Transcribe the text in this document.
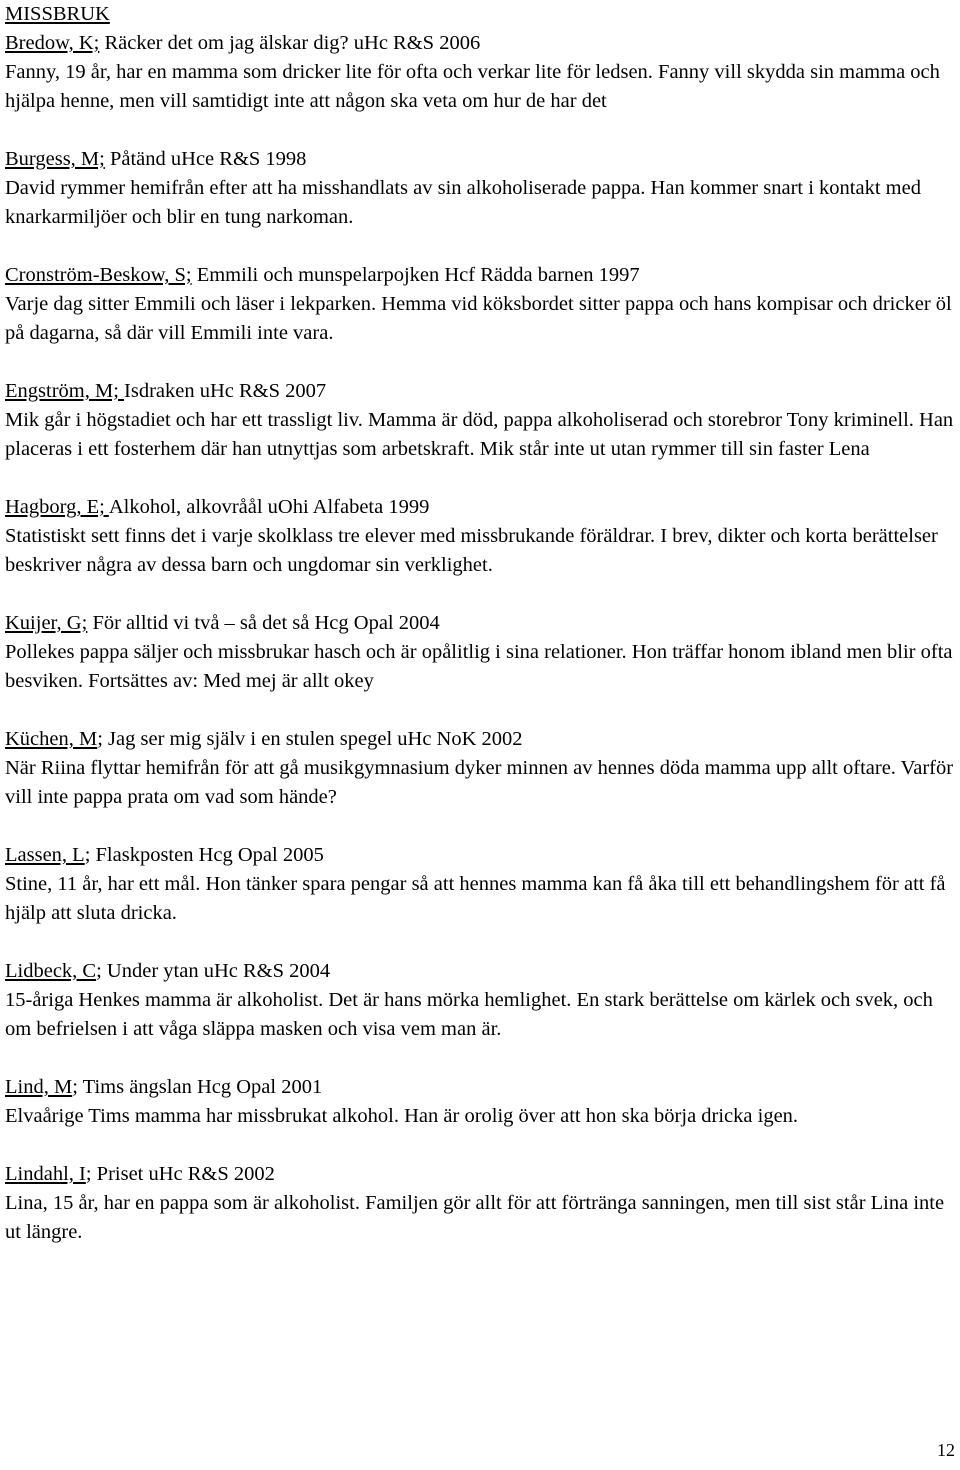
MISSBRUK
Bredow, K; Räcker det om jag älskar dig? uHc R&S 2006
Fanny, 19 år, har en mamma som dricker lite för ofta och verkar lite för ledsen. Fanny vill skydda sin mamma och hjälpa henne, men vill samtidigt inte att någon ska veta om hur de har det
Burgess, M; Påtänd uHce R&S 1998
David rymmer hemifrån efter att ha misshandlats av sin alkoholiserade pappa. Han kommer snart i kontakt med knarkarmiljöer och blir en tung narkoman.
Cronström-Beskow, S; Emmili och munspelarpojken Hcf Rädda barnen 1997
Varje dag sitter Emmili och läser i lekparken. Hemma vid köksbordet sitter pappa och hans kompisar och dricker öl på dagarna, så där vill Emmili inte vara.
Engström, M; Isdraken uHc R&S 2007
Mik går i högstadiet och har ett trassligt liv. Mamma är död, pappa alkoholiserad och storebror Tony kriminell. Han placeras i ett fosterhem där han utnyttjas som arbetskraft. Mik står inte ut utan rymmer till sin faster Lena
Hagborg, E; Alkohol, alkovråål uOhi Alfabeta 1999
Statistiskt sett finns det i varje skolklass tre elever med missbrukande föräldrar. I brev, dikter och korta berättelser beskriver några av dessa barn och ungdomar sin verklighet.
Kuijer, G; För alltid vi två – så det så Hcg Opal 2004
Pollekes pappa säljer och missbrukar hasch och är opålitlig i sina relationer. Hon träffar honom ibland men blir ofta besviken. Fortsättes av: Med mej är allt okey
Küchen, M; Jag ser mig själv i en stulen spegel uHc NoK 2002
När Riina flyttar hemifrån för att gå musikgymnasium dyker minnen av hennes döda mamma upp allt oftare. Varför vill inte pappa prata om vad som hände?
Lassen, L; Flaskposten Hcg Opal 2005
Stine, 11 år, har ett mål. Hon tänker spara pengar så att hennes mamma kan få åka till ett behandlingshem för att få hjälp att sluta dricka.
Lidbeck, C; Under ytan uHc R&S 2004
15-åriga Henkes mamma är alkoholist. Det är hans mörka hemlighet. En stark berättelse om kärlek och svek, och om befrielsen i att våga släppa masken och visa vem man är.
Lind, M; Tims ängslan Hcg Opal 2001
Elvaårige Tims mamma har missbrukat alkohol. Han är orolig över att hon ska börja dricka igen.
Lindahl, I; Priset uHc R&S 2002
Lina, 15 år, har en pappa som är alkoholist. Familjen gör allt för att förtränga sanningen, men till sist står Lina inte ut längre.
12
